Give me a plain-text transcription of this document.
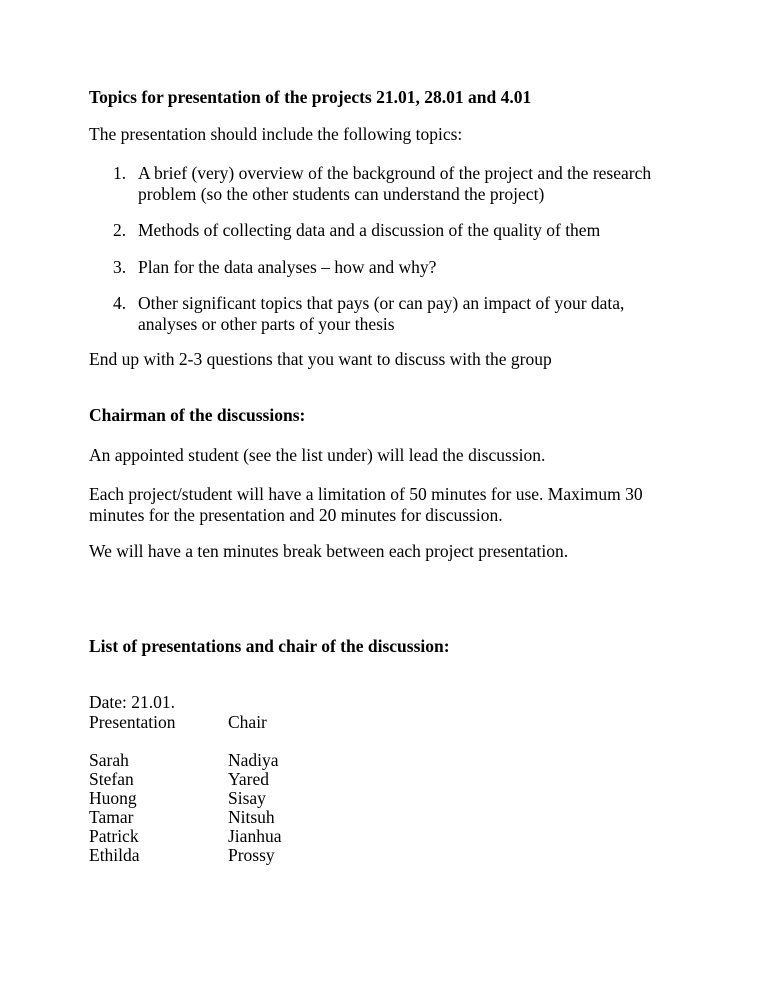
Topics for presentation of the projects 21.01, 28.01 and 4.01

The presentation should include the following topics:

1. A brief (very) overview of the background of the project and the research
problem (so the other students can understand the project)
2. Methods of collecting data and a discussion of the quality of them
3. Plan for the data analyses – how and why?
4. Other significant topics that pays (or can pay) an impact of your data,
analyses or other parts of your thesis

End up with 2-3 questions that you want to discuss with the group

Chairman of the discussions:

An appointed student (see the list under) will lead the discussion.

Each project/student will have a limitation of 50 minutes for use. Maximum 30

minutes for the presentation and 20 minutes for discussion.

We will have a ten minutes break between each project presentation.

List of presentations and chair of the discussion:

Date: 21.01.
Presentation	Chair
Sarah
Stefan
Huong
Tamar
Patrick
Ethilda
Nadiya
Yared
Sisay
Nitsuh
Jianhua
Prossy
